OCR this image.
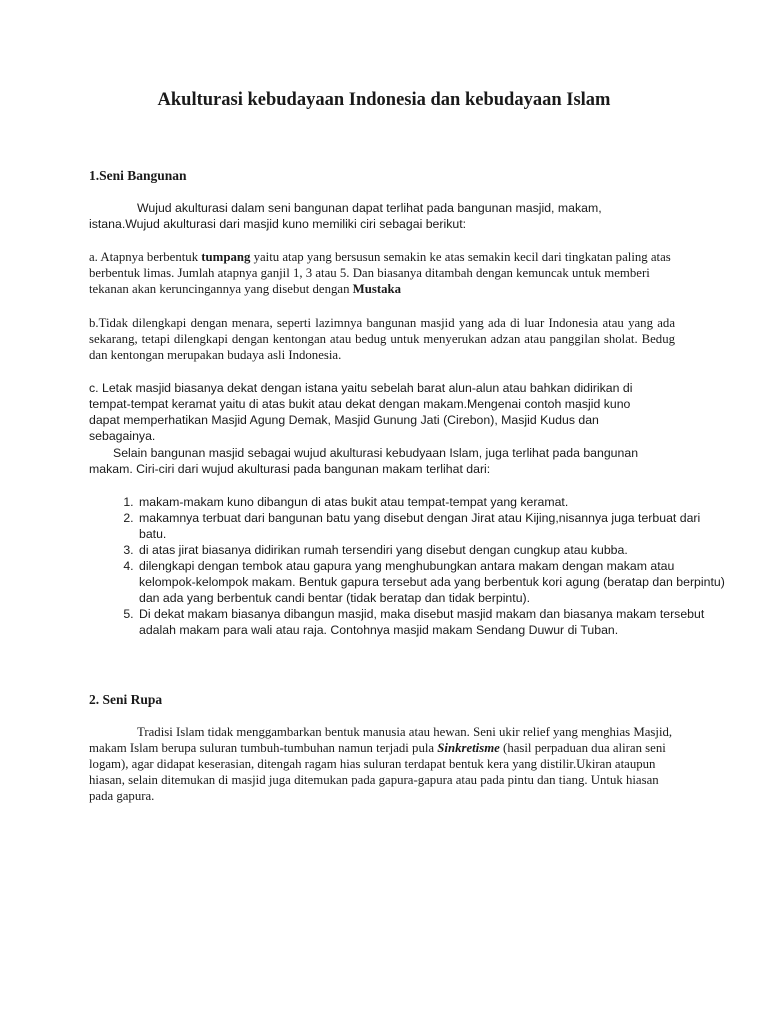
Akulturasi kebudayaan Indonesia dan kebudayaan Islam
1.Seni Bangunan

Wujud akulturasi dalam seni bangunan dapat terlihat pada bangunan masjid, makam, istana.Wujud akulturasi dari masjid kuno memiliki ciri sebagai berikut:

a. Atapnya berbentuk tumpang yaitu atap yang bersusun semakin ke atas semakin kecil dari tingkatan paling atas berbentuk limas. Jumlah atapnya ganjil 1, 3 atau 5. Dan biasanya ditambah dengan kemuncak untuk memberi tekanan akan keruncingannya yang disebut dengan Mustaka

b.Tidak dilengkapi dengan menara, seperti lazimnya bangunan masjid yang ada di luar Indonesia atau yang ada sekarang, tetapi dilengkapi dengan kentongan atau bedug untuk menyerukan adzan atau panggilan sholat. Bedug dan kentongan merupakan budaya asli Indonesia.

c. Letak masjid biasanya dekat dengan istana yaitu sebelah barat alun-alun atau bahkan didirikan di tempat-tempat keramat yaitu di atas bukit atau dekat dengan makam.Mengenai contoh masjid kuno dapat memperhatikan Masjid Agung Demak, Masjid Gunung Jati (Cirebon), Masjid Kudus dan sebagainya.

Selain bangunan masjid sebagai wujud akulturasi kebudyaan Islam, juga terlihat pada bangunan makam. Ciri-ciri dari wujud akulturasi pada bangunan makam terlihat dari:

1. makam-makam kuno dibangun di atas bukit atau tempat-tempat yang keramat.
2. makamnya terbuat dari bangunan batu yang disebut dengan Jirat atau Kijing,nisannya juga terbuat dari batu.
3. di atas jirat biasanya didirikan rumah tersendiri yang disebut dengan cungkup atau kubba.
4. dilengkapi dengan tembok atau gapura yang menghubungkan antara makam dengan makam atau kelompok-kelompok makam. Bentuk gapura tersebut ada yang berbentuk kori agung (beratap dan berpintu) dan ada yang berbentuk candi bentar (tidak beratap dan tidak berpintu).
5. Di dekat makam biasanya dibangun masjid, maka disebut masjid makam dan biasanya makam tersebut adalah makam para wali atau raja. Contohnya masjid makam Sendang Duwur di Tuban.
2. Seni Rupa

Tradisi Islam tidak menggambarkan bentuk manusia atau hewan. Seni ukir relief yang menghias Masjid, makam Islam berupa suluran tumbuh-tumbuhan namun terjadi pula Sinkretisme (hasil perpaduan dua aliran seni logam), agar didapat keserasian, ditengah ragam hias suluran terdapat bentuk kera yang distilir.Ukiran ataupun hiasan, selain ditemukan di masjid juga ditemukan pada gapura-gapura atau pada pintu dan tiang. Untuk hiasan pada gapura.
